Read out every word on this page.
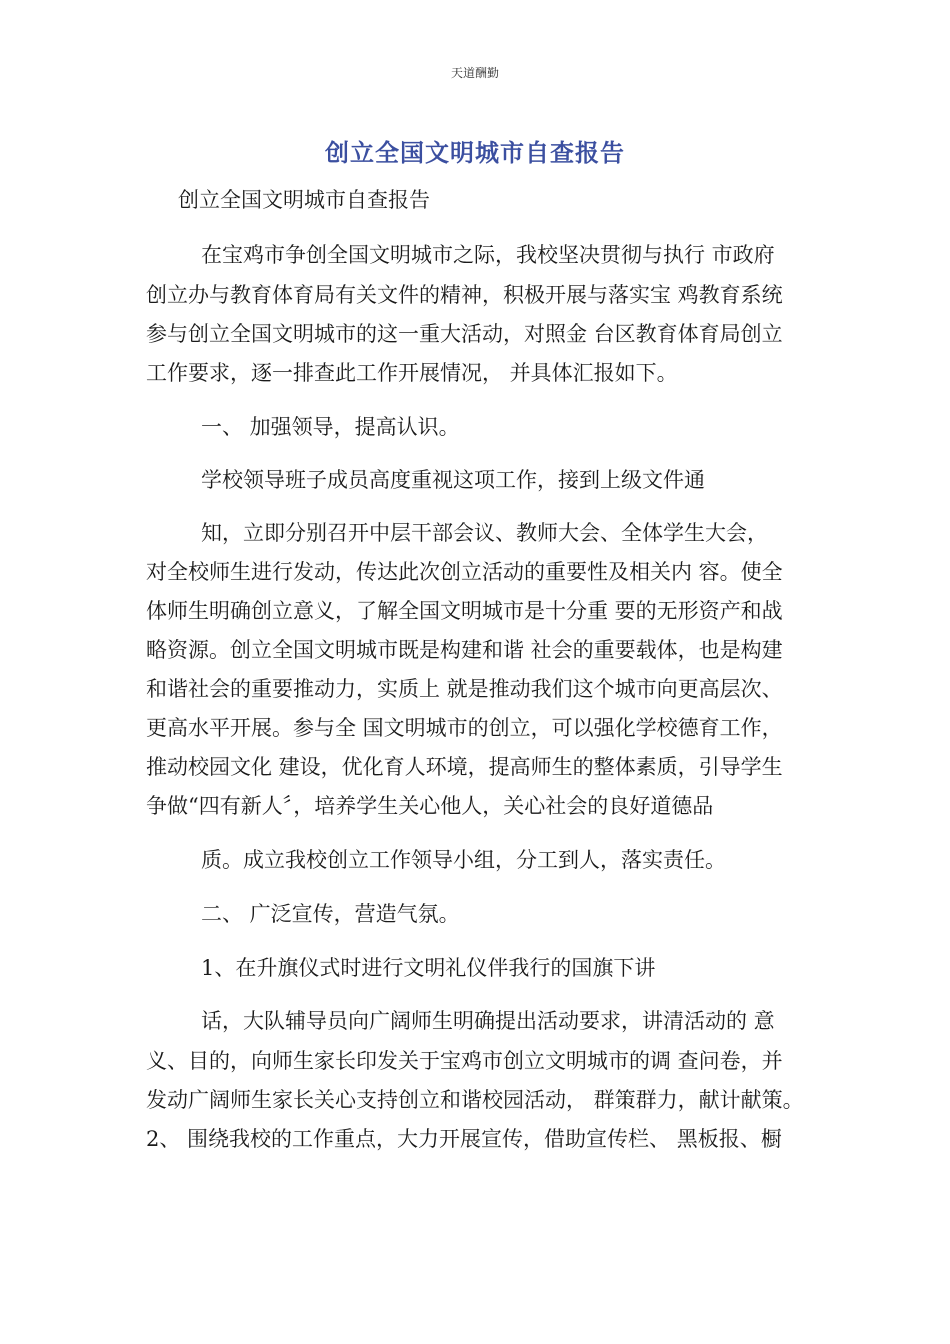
天道酬勤
创立全国文明城市自查报告
创立全国文明城市自查报告
在宝鸡市争创全国文明城市之际，我校坚决贯彻与执行 市政府
创立办与教育体育局有关文件的精神，积极开展与落实宝 鸡教育系统
参与创立全国文明城市的这一重大活动，对照金 台区教育体育局创立
工作要求，逐一排查此工作开展情况， 并具体汇报如下。
一、 加强领导，提高认识。
学校领导班子成员高度重视这项工作，接到上级文件通
知，立即分别召开中层干部会议、教师大会、全体学生大会，
对全校师生进行发动，传达此次创立活动的重要性及相关内 容。使全
体师生明确创立意义，了解全国文明城市是十分重 要的无形资产和战
略资源。创立全国文明城市既是构建和谐 社会的重要载体，也是构建
和谐社会的重要推动力，实质上 就是推动我们这个城市向更高层次、
更高水平开展。参与全 国文明城市的创立，可以强化学校德育工作，
推动校园文化 建设，优化育人环境，提高师生的整体素质，引导学生
争做“四有新人〞，培养学生关心他人，关心社会的良好道德品
质。成立我校创立工作领导小组，分工到人，落实责任。
二、 广泛宣传，营造气氛。
1、在升旗仪式时进行文明礼仪伴我行的国旗下讲
话，大队辅导员向广阔师生明确提出活动要求，讲清活动的 意
义、目的，向师生家长印发关于宝鸡市创立文明城市的调 查问卷，并
发动广阔师生家长关心支持创立和谐校园活动， 群策群力，献计献策。
2、 围绕我校的工作重点，大力开展宣传，借助宣传栏、 黑板报、橱
